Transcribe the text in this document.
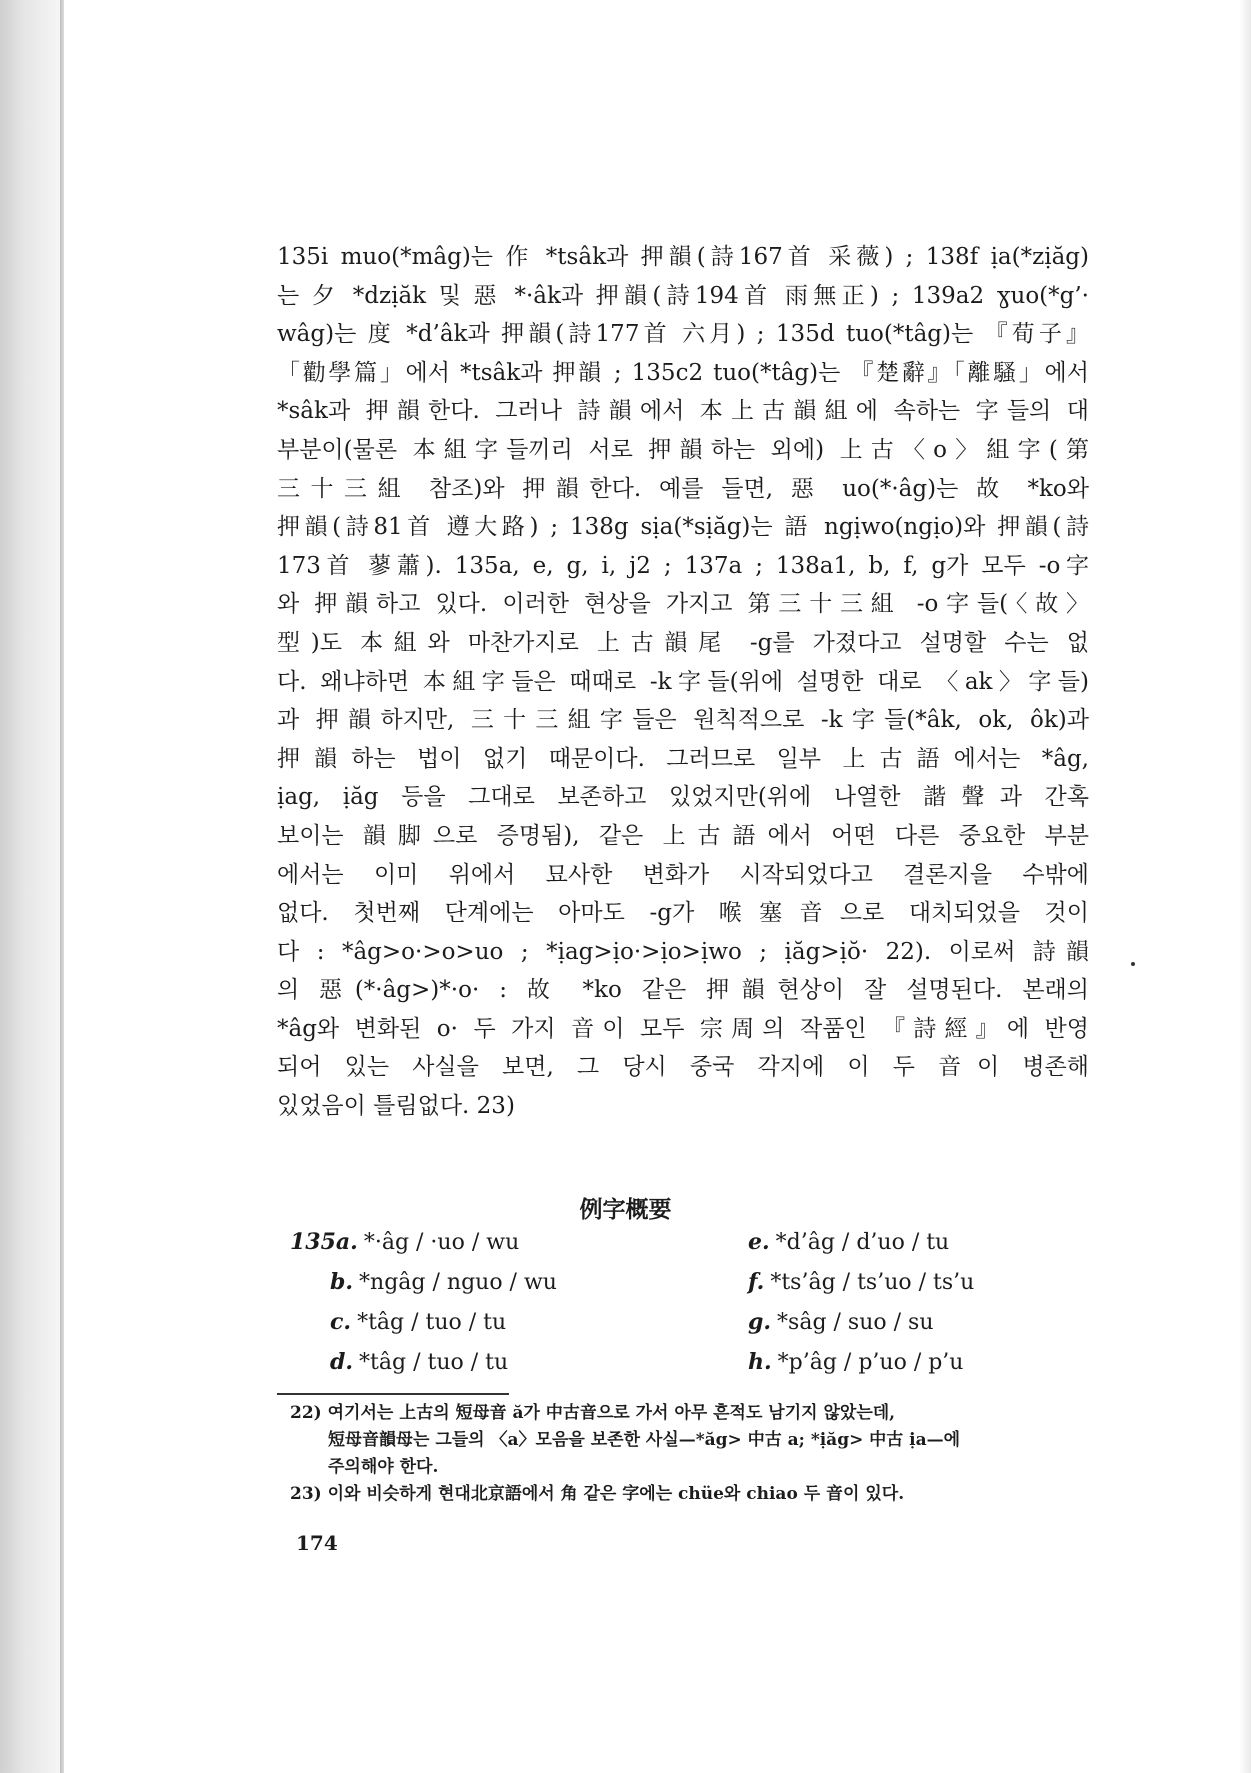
135i muo(*mâg)는 作 *tsâk과 押韻(詩167首 采薇) ; 138f ịa(*zịăg)
는 夕 *dzịăk 및 惡 *·âk과 押韻(詩194首 雨無正) ; 139a2 ɣuo(*g’·
wâg)는 度 *d’âk과 押韻(詩177首 六月) ; 135d tuo(*tâg)는 『荀子』
「勸學篇」에서 *tsâk과 押韻 ; 135c2 tuo(*tâg)는 『楚辭』「離騷」에서
*sâk과 押韻한다. 그러나 詩韻에서 本上古韻組에 속하는 字들의 대
부분이(물론 本組字들끼리 서로 押韻하는 외에) 上古〈o〉組字(第
三十三組 참조)와 押韻한다. 예를 들면, 惡 uo(*·âg)는 故 *ko와
押韻(詩81首 遵大路) ; 138g sịa(*sịăg)는 語 ngịwo(ngịo)와 押韻(詩
173首 蓼蕭). 135a, e, g, i, j2 ; 137a ; 138a1, b, f, g가 모두 -o字
와 押韻하고 있다. 이러한 현상을 가지고 第三十三組 -o字들(〈故〉
型)도 本組와 마찬가지로 上古韻尾 -g를 가졌다고 설명할 수는 없
다. 왜냐하면 本組字들은 때때로 -k字들(위에 설명한 대로 〈ak〉字들)
과 押韻하지만, 三十三組字들은 원칙적으로 -k字들(*âk, ok, ôk)과
押韻하는 법이 없기 때문이다. 그러므로 일부 上古語에서는 *âg,
ịag, ịăg 등을 그대로 보존하고 있었지만(위에 나열한 諧聲과 간혹
보이는 韻脚으로 증명됨), 같은 上古語에서 어떤 다른 중요한 부분
에서는 이미 위에서 묘사한 변화가 시작되었다고 결론지을 수밖에
없다. 첫번째 단계에는 아마도 -g가 喉塞音으로 대치되었을 것이
다 : *âg>o·>o>uo ; *ịag>ịo·>ịo>ịwo ; ịăg>ịŏ· 22). 이로써 詩韻
의 惡(*·âg>)*·o· : 故 *ko 같은 押韻현상이 잘 설명된다. 본래의
*âg와 변화된 o· 두 가지 音이 모두 宗周의 작품인 『詩經』에 반영
되어 있는 사실을 보면, 그 당시 중국 각지에 이 두 音이 병존해
있었음이 틀림없다. 23)
例字概要
135a. *·âg / ·uo / wu	e. *d’âg / d’uo / tu
b. *ngâg / nguo / wu	f. *ts’âg / ts’uo / ts’u
c. *tâg / tuo / tu	g. *sâg / suo / su
d. *tâg / tuo / tu	h. *p’âg / p’uo / p’u
22) 여기서는 上古의 短母音 ă가 中古音으로 가서 아무 흔적도 남기지 않았는데,
短母音韻母는 그들의 〈a〉모음을 보존한 사실—*ăg> 中古 a; *ịăg> 中古 ịa—에
주의해야 한다.
23) 이와 비슷하게 현대北京語에서 角 같은 字에는 chüe와 chiao 두 音이 있다.
174
